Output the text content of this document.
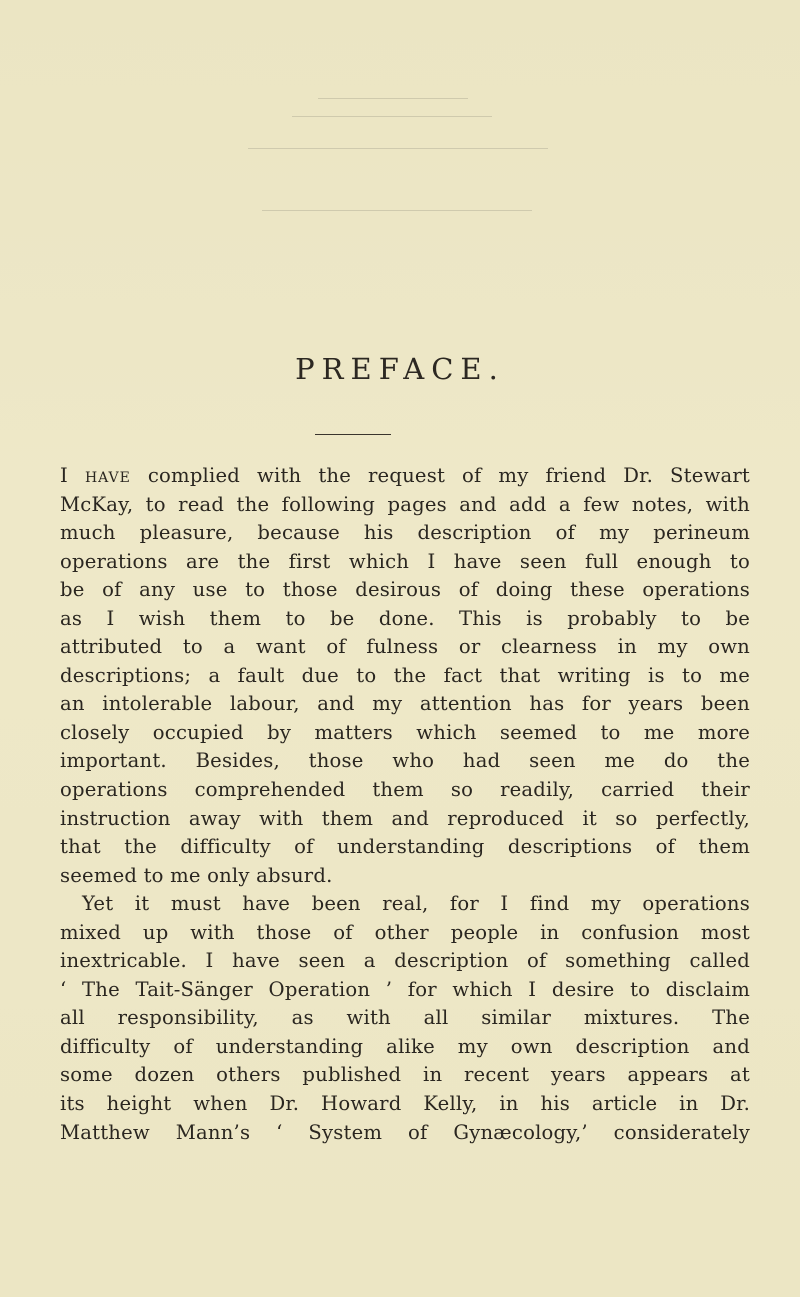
PREFACE.
I have complied with the request of my friend Dr. Stewart
McKay, to read the following pages and add a few notes, with
much pleasure, because his description of my perineum
operations are the first which I have seen full enough to
be of any use to those desirous of doing these operations
as I wish them to be done. This is probably to be
attributed to a want of fulness or clearness in my own
descriptions; a fault due to the fact that writing is to me
an intolerable labour, and my attention has for years been
closely occupied by matters which seemed to me more
important. Besides, those who had seen me do the
operations comprehended them so readily, carried their
instruction away with them and reproduced it so perfectly,
that the difficulty of understanding descriptions of them
seemed to me only absurd.
Yet it must have been real, for I find my operations
mixed up with those of other people in confusion most
inextricable. I have seen a description of something called
‘ The Tait-Sänger Operation ’ for which I desire to disclaim
all responsibility, as with all similar mixtures. The
difficulty of understanding alike my own description and
some dozen others published in recent years appears at
its height when Dr. Howard Kelly, in his article in Dr.
Matthew Mann’s ‘ System of Gynæcology,’ considerately
